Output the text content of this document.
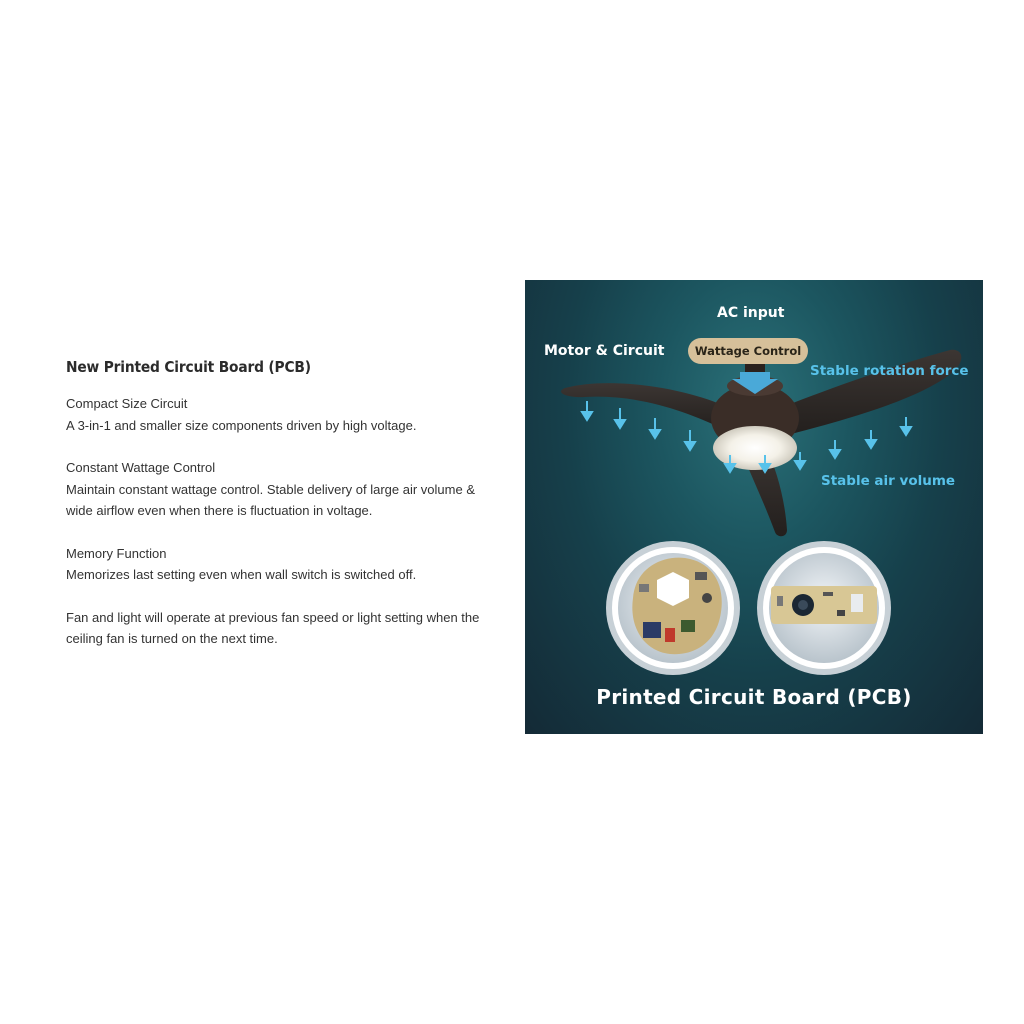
New Printed Circuit Board (PCB)

Compact Size Circuit

A 3-in-1 and smaller size components driven by high voltage.

Constant Wattage Control

Maintain constant wattage control. Stable delivery of large air volume &

wide airflow even when there is fluctuation in voltage.

Memory Function

Memorizes last setting even when wall switch is switched off.

Fan and light will operate at previous fan speed or light setting when the

ceiling fan is turned on the next time.

AC input
Motor & Circuit	Wattage Control
Stable rotation force
Stable air volume
Printed Circuit Board (PCB)
